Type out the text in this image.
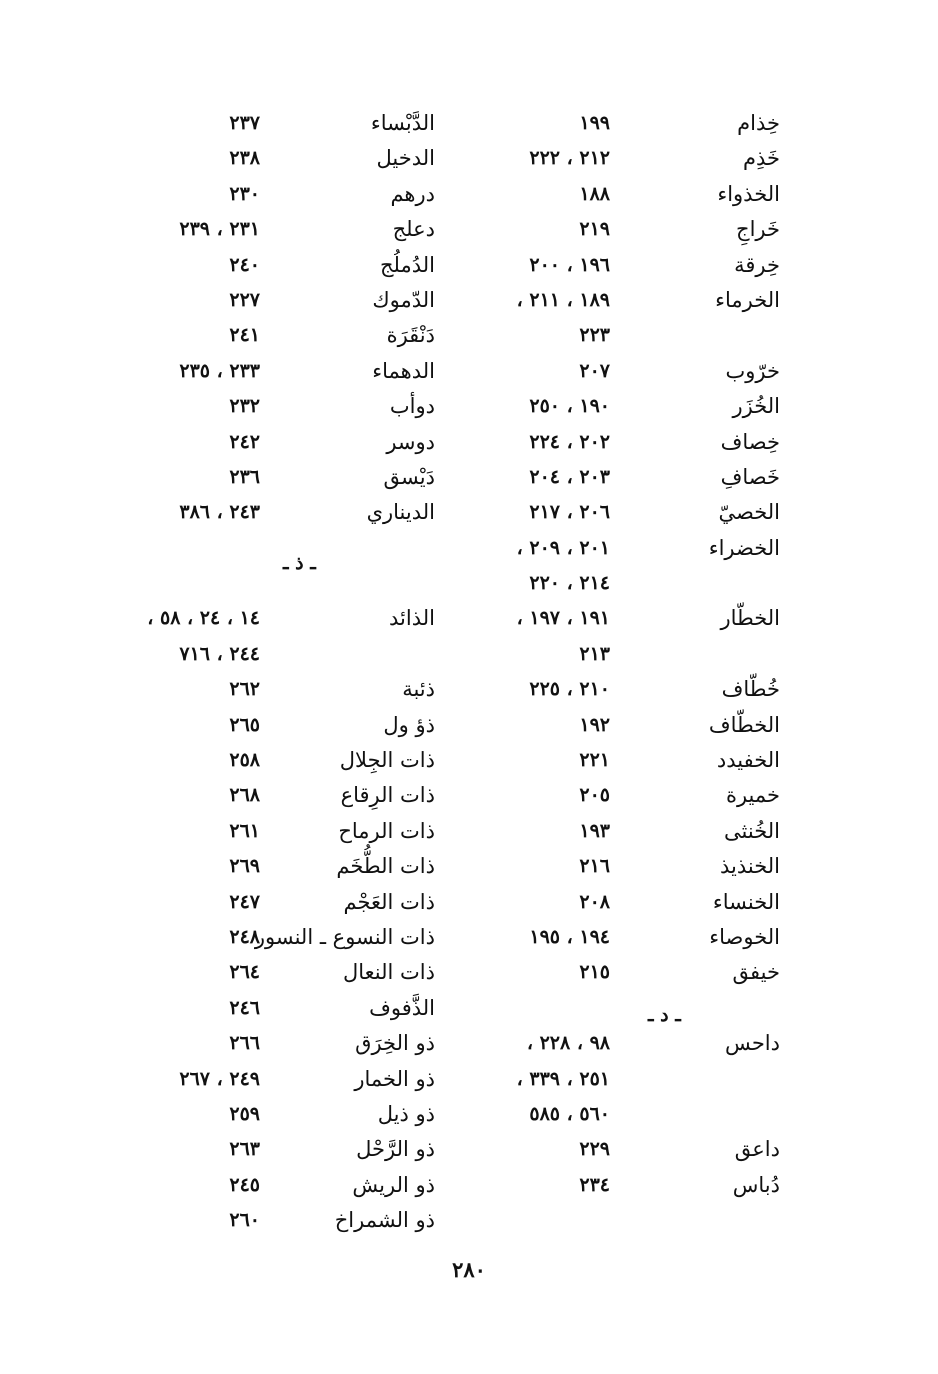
خِذام
١٩٩
خَذِم
٢١٢ ، ٢٢٢
الخذواء
١٨٨
خَراجِ
٢١٩
خِرقة
١٩٦ ، ٢٠٠
الخرماء
١٨٩ ، ٢١١ ،
٢٢٣
خرّوب
٢٠٧
الخُزَر
١٩٠ ، ٢٥٠
خِصاف
٢٠٢ ، ٢٢٤
خَصافِ
٢٠٣ ، ٢٠٤
الخصيّ
٢٠٦ ، ٢١٧
الخضراء
٢٠١ ، ٢٠٩ ،
٢١٤ ، ٢٢٠
الخطّار
١٩١ ، ١٩٧ ،
٢١٣
خُطّاف
٢١٠ ، ٢٢٥
الخطّاف
١٩٢
الخفيدد
٢٢١
خميرة
٢٠٥
الخُنثى
١٩٣
الخنذيذ
٢١٦
الخنساء
٢٠٨
الخوصاء
١٩٤ ، ١٩٥
خيفق
٢١٥
داحس
٩٨ ، ٢٢٨ ،
٢٥١ ، ٣٣٩ ،
٥٦٠ ، ٥٨٥
داعق
٢٢٩
دُباس
٢٣٤
ـ د ـ
الدَّبْساء
٢٣٧
الدخيل
٢٣٨
درهم
٢٣٠
دعلج
٢٣١ ، ٢٣٩
الدُملُج
٢٤٠
الدّموك
٢٢٧
دَنْقَرَة
٢٤١
الدهماء
٢٣٣ ، ٢٣٥
دوأب
٢٣٢
دوسر
٢٤٢
دَيْسق
٢٣٦
الديناري
٢٤٣ ، ٣٨٦
الذائد
١٤ ، ٢٤ ، ٥٨ ،
٢٤٤ ، ٧١٦
ذئبة
٢٦٢
ذؤ ول
٢٦٥
ذات الجِلال
٢٥٨
ذات الرِقاع
٢٦٨
ذات الرماح
٢٦١
ذات الطُّخَم
٢٦٩
ذات العَجْم
٢٤٧
ذات النسوع ـ النسور
٢٤٨
ذات النعال
٢٦٤
الذَّفوف
٢٤٦
ذو الخِرَق
٢٦٦
ذو الخمار
٢٤٩ ، ٢٦٧
ذو ذيل
٢٥٩
ذو الرَّحْل
٢٦٣
ذو الريش
٢٤٥
ذو الشمراخ
٢٦٠
ـ ذ ـ
٢٨٠
